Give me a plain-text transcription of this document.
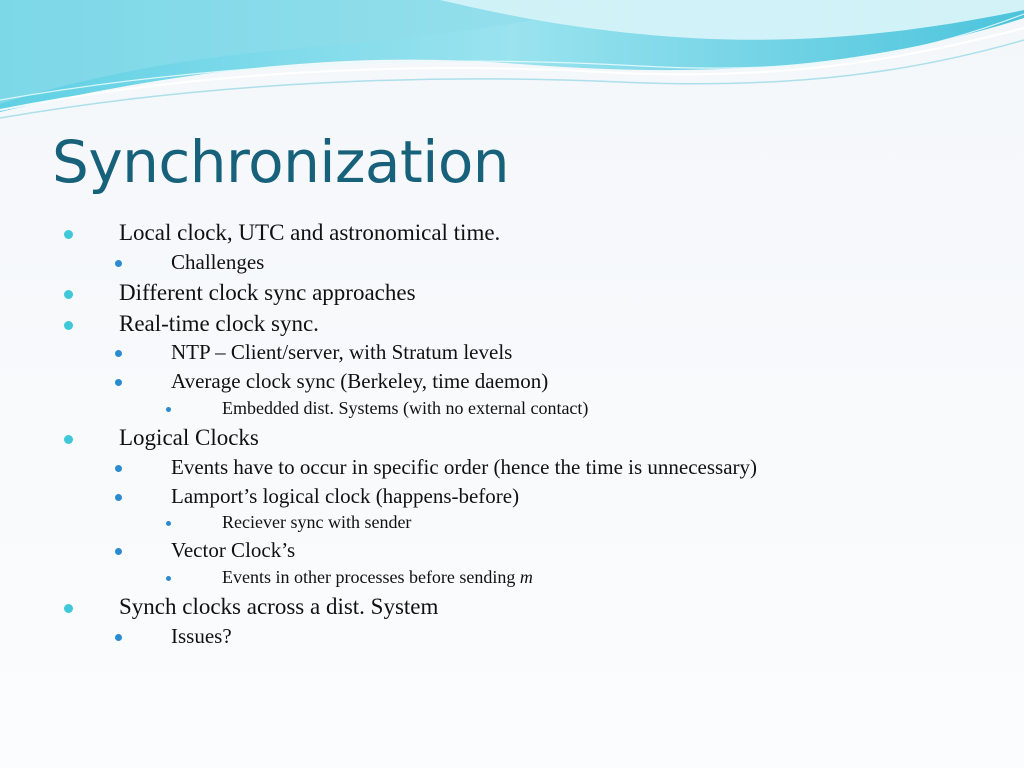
Synchronization
Local clock, UTC and astronomical time.
Challenges
Different clock sync approaches
Real-time clock sync.
NTP – Client/server, with Stratum levels
Average clock sync (Berkeley, time daemon)
Embedded dist. Systems (with no external contact)
Logical Clocks
Events have to occur in specific order (hence the time is unnecessary)
Lamport’s logical clock (happens-before)
Reciever sync with sender
Vector Clock’s
Events in other processes before sending m
Synch clocks across a dist. System
Issues?
